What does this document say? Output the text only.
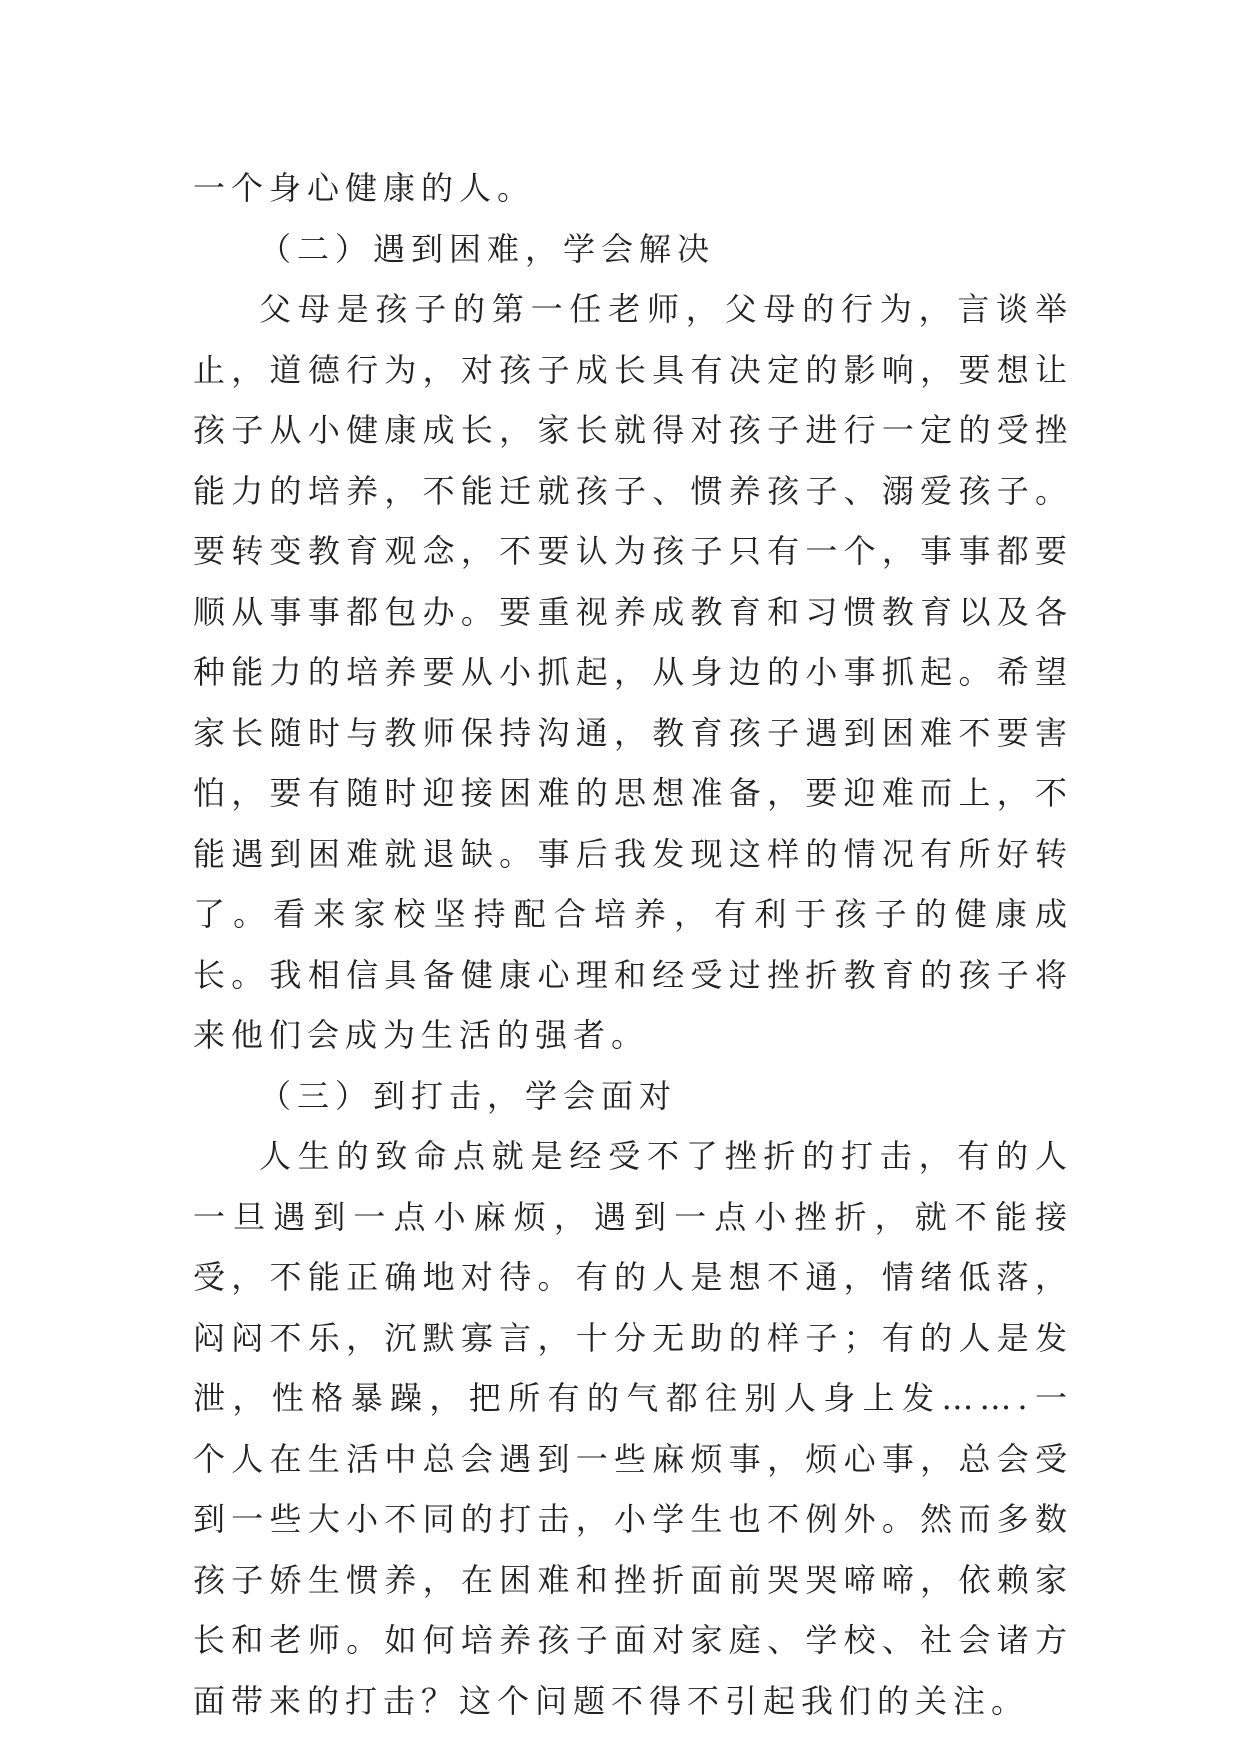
一个身心健康的人。

（二）遇到困难，学会解决

父母是孩子的第一任老师，父母的行为，言谈举止，道德行为，对孩子成长具有决定的影响，要想让孩子从小健康成长，家长就得对孩子进行一定的受挫能力的培养，不能迁就孩子、惯养孩子、溺爱孩子。要转变教育观念，不要认为孩子只有一个，事事都要顺从事事都包办。要重视养成教育和习惯教育以及各种能力的培养要从小抓起，从身边的小事抓起。希望家长随时与教师保持沟通，教育孩子遇到困难不要害怕，要有随时迎接困难的思想准备，要迎难而上，不能遇到困难就退缺。事后我发现这样的情况有所好转了。看来家校坚持配合培养，有利于孩子的健康成长。我相信具备健康心理和经受过挫折教育的孩子将来他们会成为生活的强者。

（三）到打击，学会面对

人生的致命点就是经受不了挫折的打击，有的人一旦遇到一点小麻烦，遇到一点小挫折，就不能接受，不能正确地对待。有的人是想不通，情绪低落，闷闷不乐，沉默寡言，十分无助的样子；有的人是发泄，性格暴躁，把所有的气都往别人身上发…….一个人在生活中总会遇到一些麻烦事，烦心事，总会受到一些大小不同的打击，小学生也不例外。然而多数孩子娇生惯养，在困难和挫折面前哭哭啼啼，依赖家长和老师。如何培养孩子面对家庭、学校、社会诸方面带来的打击？这个问题不得不引起我们的关注。
